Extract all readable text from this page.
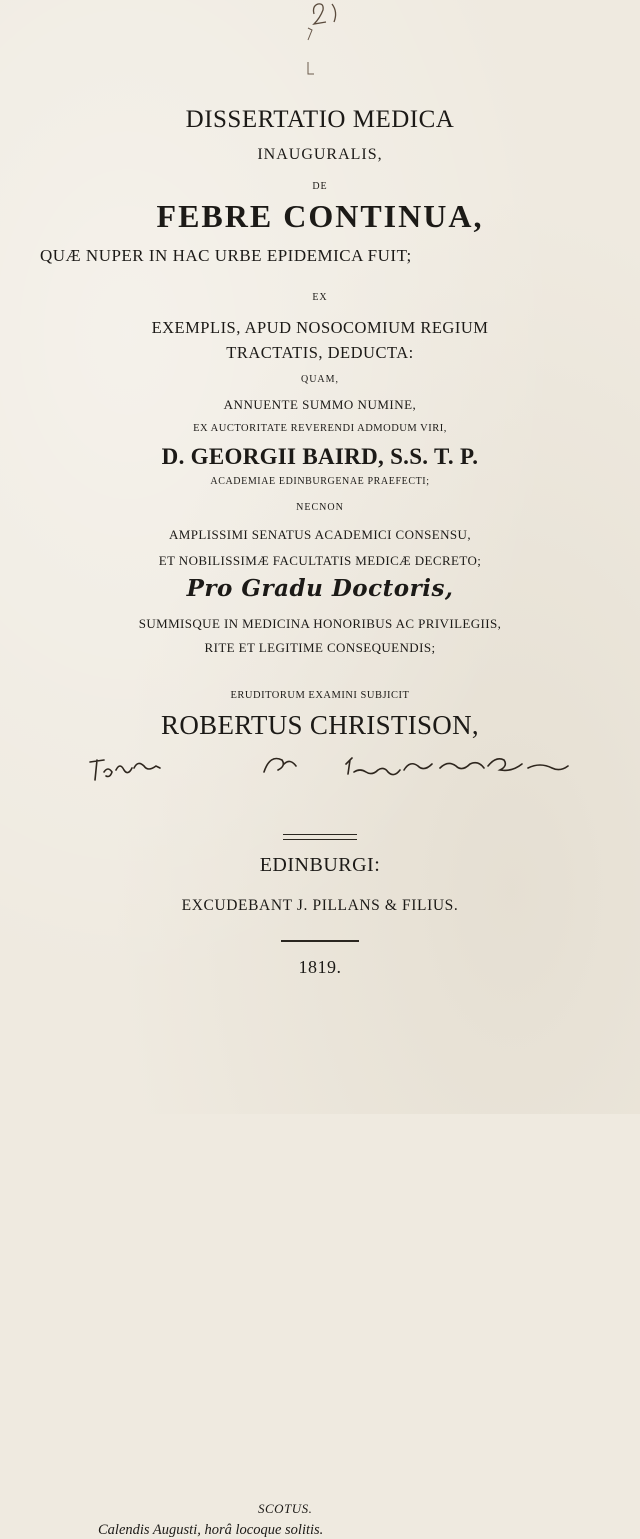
DISSERTATIO MEDICA
INAUGURALIS,
DE
FEBRE CONTINUA,
QUÆ NUPER IN HAC URBE EPIDEMICA FUIT;
EX
EXEMPLIS, APUD NOSOCOMIUM REGIUM
TRACTATIS, DEDUCTA:
QUAM,
ANNUENTE SUMMO NUMINE,
EX AUCTORITATE REVERENDI ADMODUM VIRI,
D. GEORGII BAIRD, S.S. T. P.
ACADEMIAE EDINBURGENAE PRAEFECTI;
NECNON
AMPLISSIMI SENATUS ACADEMICI CONSENSU,
ET NOBILISSIMÆ FACULTATIS MEDICÆ DECRETO;
Pro Gradu Doctoris,
SUMMISQUE IN MEDICINA HONORIBUS AC PRIVILEGIIS,
RITE ET LEGITIME CONSEQUENDIS;
ERUDITORUM EXAMINI SUBJICIT
ROBERTUS CHRISTISON,
SCOTUS.
Calendis Augusti, horâ locoque solitis.
EDINBURGI:
EXCUDEBANT J. PILLANS & FILIUS.
1819.
